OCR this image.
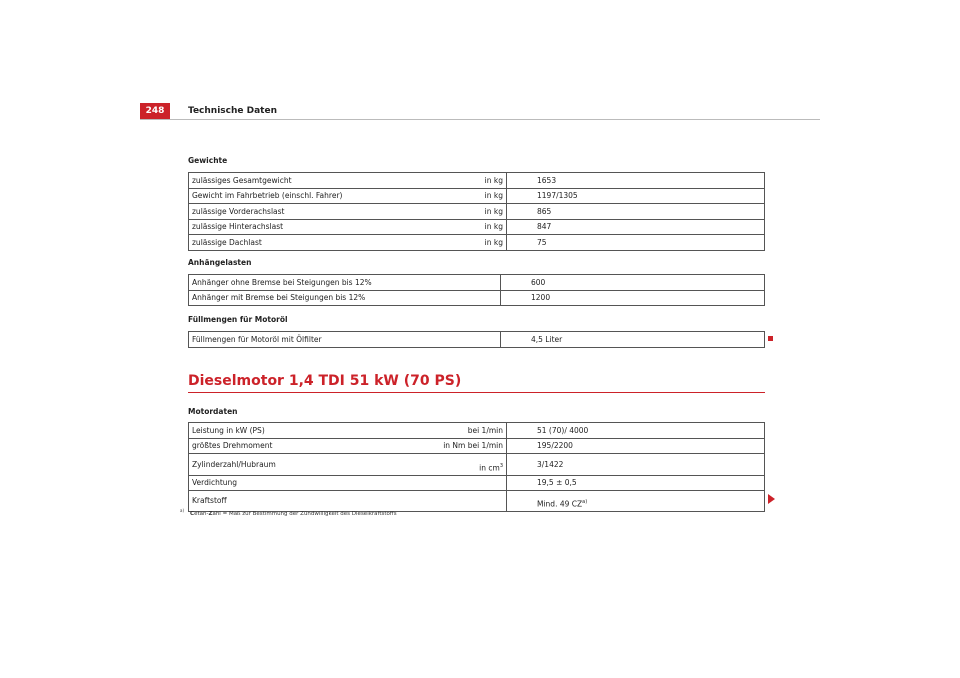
248	Technische Daten
Gewichte
zulässiges Gesamtgewicht	in kg	1653
Gewicht im Fahrbetrieb (einschl. Fahrer)	in kg	1197/1305
zulässige Vorderachslast	in kg	865
zulässige Hinterachslast	in kg	847
zulässige Dachlast	in kg	75
Anhängelasten
Anhänger ohne Bremse bei Steigungen bis 12%	600
Anhänger mit Bremse bei Steigungen bis 12%	1200
Füllmengen für Motoröl
Füllmengen für Motoröl mit Ölfilter	4,5 Liter
Dieselmotor 1,4 TDI 51 kW (70 PS)
Motordaten
Leistung in kW (PS)	bei 1/min	51 (70)/ 4000
größtes Drehmoment	in Nm bei 1/min	195/2200
Zylinderzahl/Hubraum	in $cm^3$	3/1422
Verdichtung		19,5 ± 0,5
Kraftstoff		Mind. 49 CZ$^{a)}$
$^{a)}$Cetan-Zahl = Maß zur Bestimmung der Zündwilligkeit des Dieselkraftstoffs
